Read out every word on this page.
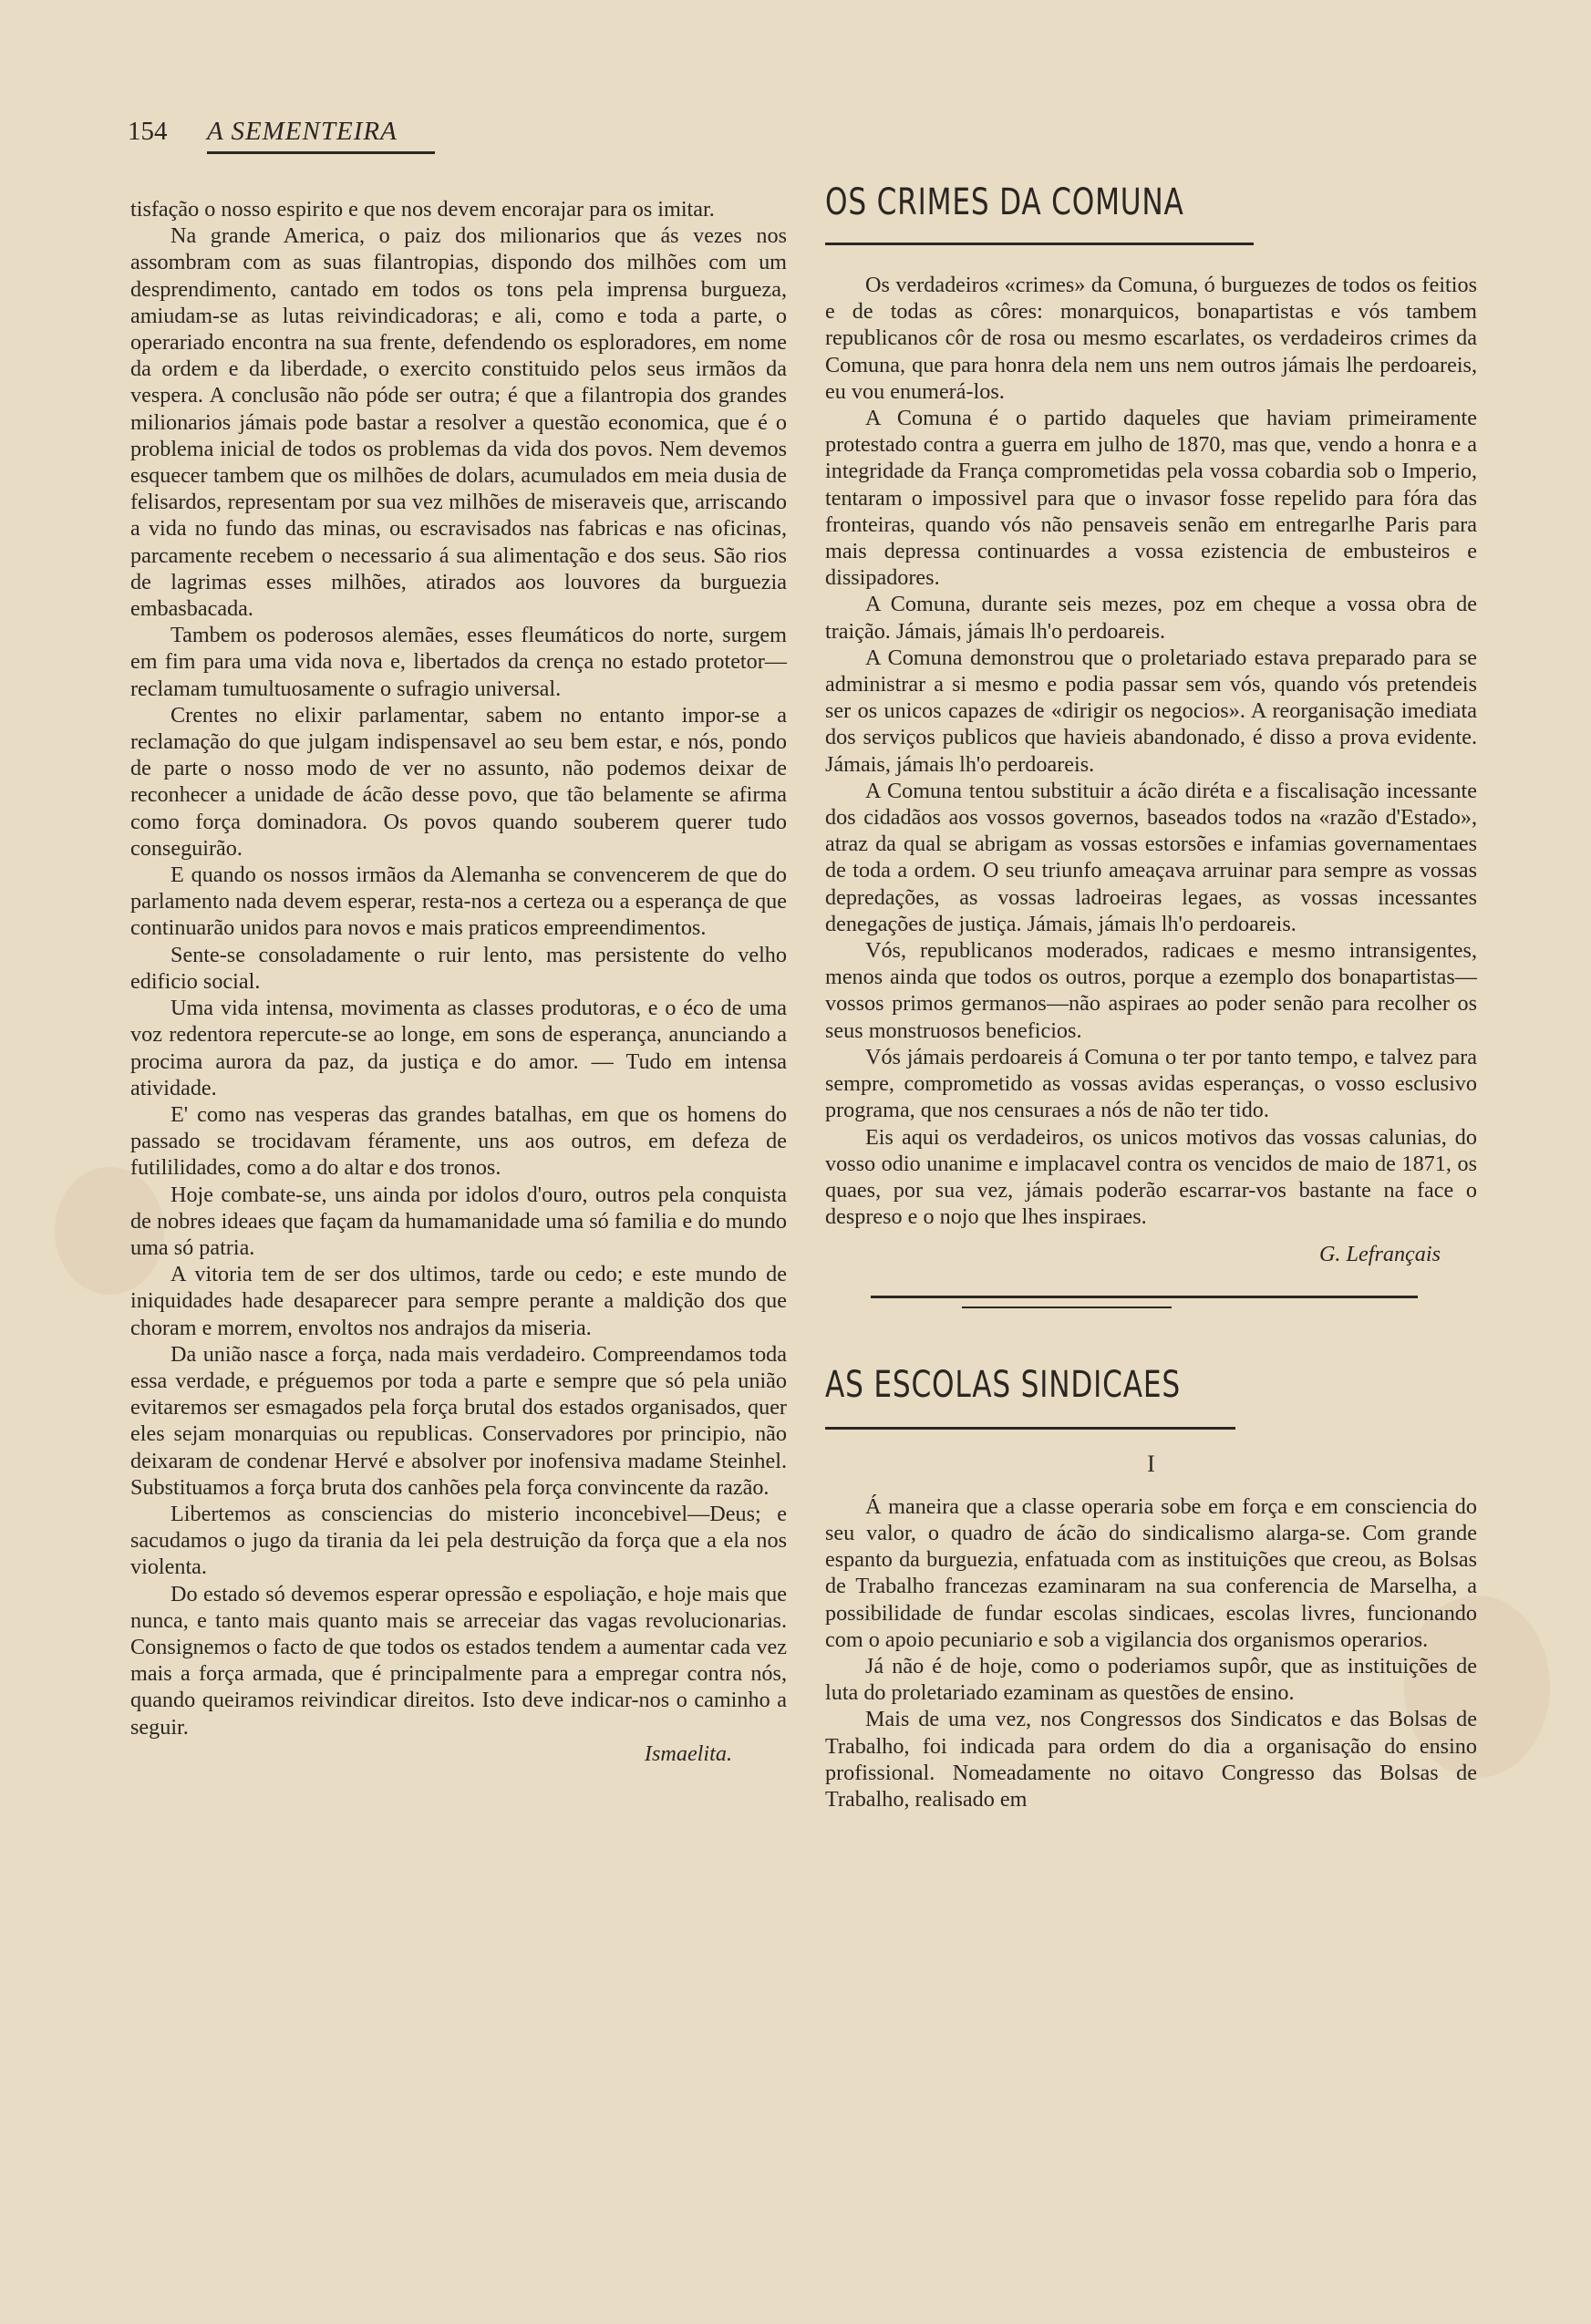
154 A SEMENTEIRA

tisfação o nosso espirito e que nos devem encorajar para os imitar.

Na grande America, o paiz dos milionarios que ás vezes nos assombram com as suas filantropias, dispondo dos milhões com um desprendimento, cantado em todos os tons pela imprensa burgueza, amiudam-se as lutas reivindicadoras; e ali, como e toda a parte, o operariado encontra na sua frente, defendendo os esploradores, em nome da ordem e da liberdade, o exercito constituido pelos seus irmãos da vespera. A conclusão não póde ser outra; é que a filantropia dos grandes milionarios jámais pode bastar a resolver a questão economica, que é o problema inicial de todos os problemas da vida dos povos. Nem devemos esquecer tambem que os milhões de dolars, acumulados em meia dusia de felisardos, representam por sua vez milhões de miseraveis que, arriscando a vida no fundo das minas, ou escravisados nas fabricas e nas oficinas, parcamente recebem o necessario á sua alimentação e dos seus. São rios de lagrimas esses milhões, atirados aos louvores da burguezia embasbacada.

Tambem os poderosos alemães, esses fleumáticos do norte, surgem em fim para uma vida nova e, libertados da crença no estado protetor—reclamam tumultuosamente o sufragio universal.

Crentes no elixir parlamentar, sabem no entanto impor-se a reclamação do que julgam indispensavel ao seu bem estar, e nós, pondo de parte o nosso modo de ver no assunto, não podemos deixar de reconhecer a unidade de ácão desse povo, que tão belamente se afirma como força dominadora. Os povos quando souberem querer tudo conseguirão.

E quando os nossos irmãos da Alemanha se convencerem de que do parlamento nada devem esperar, resta-nos a certeza ou a esperança de que continuarão unidos para novos e mais praticos empreendimentos.

Sente-se consoladamente o ruir lento, mas persistente do velho edificio social.

Uma vida intensa, movimenta as classes produtoras, e o éco de uma voz redentora repercute-se ao longe, em sons de esperança, anunciando a procima aurora da paz, da justiça e do amor. — Tudo em intensa atividade.

E' como nas vesperas das grandes batalhas, em que os homens do passado se trocidavam féramente, uns aos outros, em defeza de futililidades, como a do altar e dos tronos.

Hoje combate-se, uns ainda por idolos d'ouro, outros pela conquista de nobres ideaes que façam da humamanidade uma só familia e do mundo uma só patria.

A vitoria tem de ser dos ultimos, tarde ou cedo; e este mundo de iniquidades hade desaparecer para sempre perante a maldição dos que choram e morrem, envoltos nos andrajos da miseria.

Da união nasce a força, nada mais verdadeiro. Compreendamos toda essa verdade, e préguemos por toda a parte e sempre que só pela união evitaremos ser esmagados pela força brutal dos estados organisados, quer eles sejam monarquias ou republicas. Conservadores por principio, não deixaram de condenar Hervé e absolver por inofensiva madame Steinhel. Substituamos a força bruta dos canhões pela força convincente da razão.

Libertemos as consciencias do misterio inconcebivel—Deus; e sacudamos o jugo da tirania da lei pela destruição da força que a ela nos violenta.

Do estado só devemos esperar opressão e espoliação, e hoje mais que nunca, e tanto mais quanto mais se arreceiar das vagas revolucionarias. Consignemos o facto de que todos os estados tendem a aumentar cada vez mais a força armada, que é principalmente para a empregar contra nós, quando queiramos reivindicar direitos. Isto deve indicar-nos o caminho a seguir.

Ismaelita.

OS CRIMES DA COMUNA

Os verdadeiros «crimes» da Comuna, ó burguezes de todos os feitios e de todas as côres: monarquicos, bonapartistas e vós tambem republicanos côr de rosa ou mesmo escarlates, os verdadeiros crimes da Comuna, que para honra dela nem uns nem outros jámais lhe perdoareis, eu vou enumerá-los.

A Comuna é o partido daqueles que haviam primeiramente protestado contra a guerra em julho de 1870, mas que, vendo a honra e a integridade da França comprometidas pela vossa cobardia sob o Imperio, tentaram o impossivel para que o invasor fosse repelido para fóra das fronteiras, quando vós não pensaveis senão em entregarlhe Paris para mais depressa continuardes a vossa ezistencia de embusteiros e dissipadores.

A Comuna, durante seis mezes, poz em cheque a vossa obra de traição. Jámais, jámais lh'o perdoareis.

A Comuna demonstrou que o proletariado estava preparado para se administrar a si mesmo e podia passar sem vós, quando vós pretendeis ser os unicos capazes de «dirigir os negocios». A reorganisação imediata dos serviços publicos que havieis abandonado, é disso a prova evidente. Jámais, jámais lh'o perdoareis.

A Comuna tentou substituir a ácão diréta e a fiscalisação incessante dos cidadãos aos vossos governos, baseados todos na «razão d'Estado», atraz da qual se abrigam as vossas estorsões e infamias governamentaes de toda a ordem. O seu triunfo ameaçava arruinar para sempre as vossas depredações, as vossas ladroeiras legaes, as vossas incessantes denegações de justiça. Jámais, jámais lh'o perdoareis.

Vós, republicanos moderados, radicaes e mesmo intransigentes, menos ainda que todos os outros, porque a ezemplo dos bonapartistas—vossos primos germanos—não aspiraes ao poder senão para recolher os seus monstruosos beneficios.

Vós jámais perdoareis á Comuna o ter por tanto tempo, e talvez para sempre, comprometido as vossas avidas esperanças, o vosso esclusivo programa, que nos censuraes a nós de não ter tido.

Eis aqui os verdadeiros, os unicos motivos das vossas calunias, do vosso odio unanime e implacavel contra os vencidos de maio de 1871, os quaes, por sua vez, jámais poderão escarrar-vos bastante na face o despreso e o nojo que lhes inspiraes.

G. Lefrançais

AS ESCOLAS SINDICAES
I

Á maneira que a classe operaria sobe em força e em consciencia do seu valor, o quadro de ácão do sindicalismo alarga-se. Com grande espanto da burguezia, enfatuada com as instituições que creou, as Bolsas de Trabalho francezas ezaminaram na sua conferencia de Marselha, a possibilidade de fundar escolas sindicaes, escolas livres, funcionando com o apoio pecuniario e sob a vigilancia dos organismos operarios.

Já não é de hoje, como o poderiamos supôr, que as instituições de luta do proletariado ezaminam as questões de ensino.

Mais de uma vez, nos Congressos dos Sindicatos e das Bolsas de Trabalho, foi indicada para ordem do dia a organisação do ensino profissional. Nomeadamente no oitavo Congresso das Bolsas de Trabalho, realisado em
